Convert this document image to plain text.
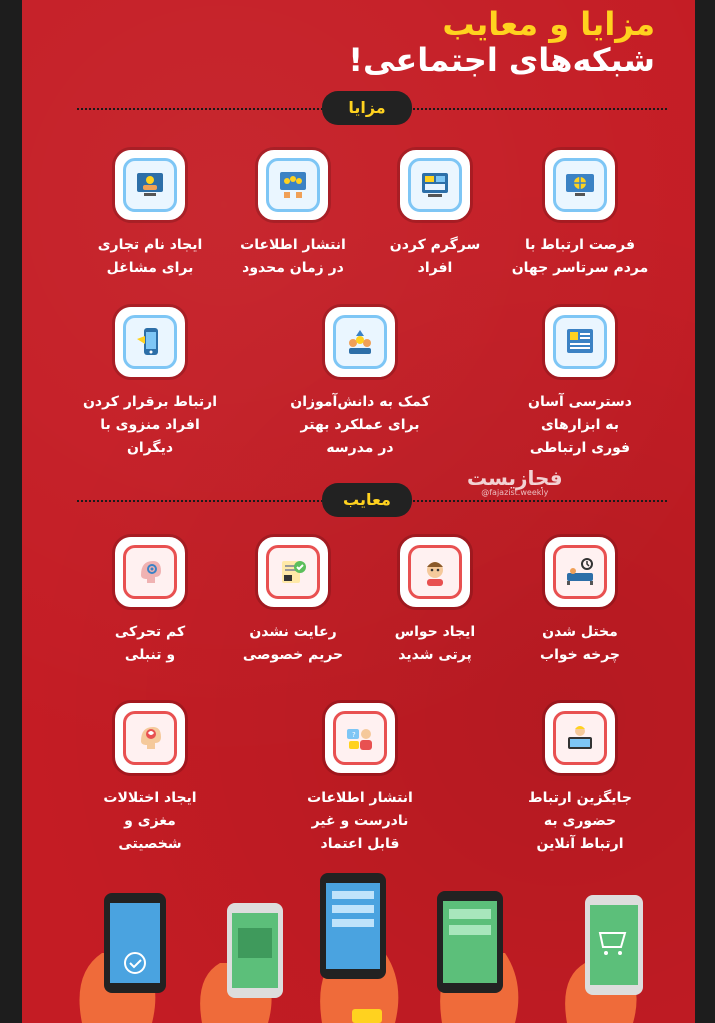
مزایا و معایب
شبکه‌های اجتماعی!
مزایا
فرصت ارتباط با
مردم سرتاسر جهان
سرگرم کردن
افراد
انتشار اطلاعات
در زمان محدود
ایجاد نام تجاری
برای مشاغل
دسترسی آسان
به ابزارهای
فوری ارتباطی
کمک به دانش‌آموزان
برای عملکرد بهتر
در مدرسه
ارتباط برقرار کردن
افراد منزوی با
دیگران
معایب
فجازیست
@fajazist.weekly
مختل شدن
چرخه خواب
ایجاد حواس
پرتی شدید
رعایت نشدن
حریم خصوصی
کم تحرکی
و تنبلی
جایگزین ارتباط
حضوری به
ارتباط آنلاین
?
انتشار اطلاعات
نادرست و غیر
قابل اعتماد
ایجاد اختلالات
مغزی و
شخصیتی
